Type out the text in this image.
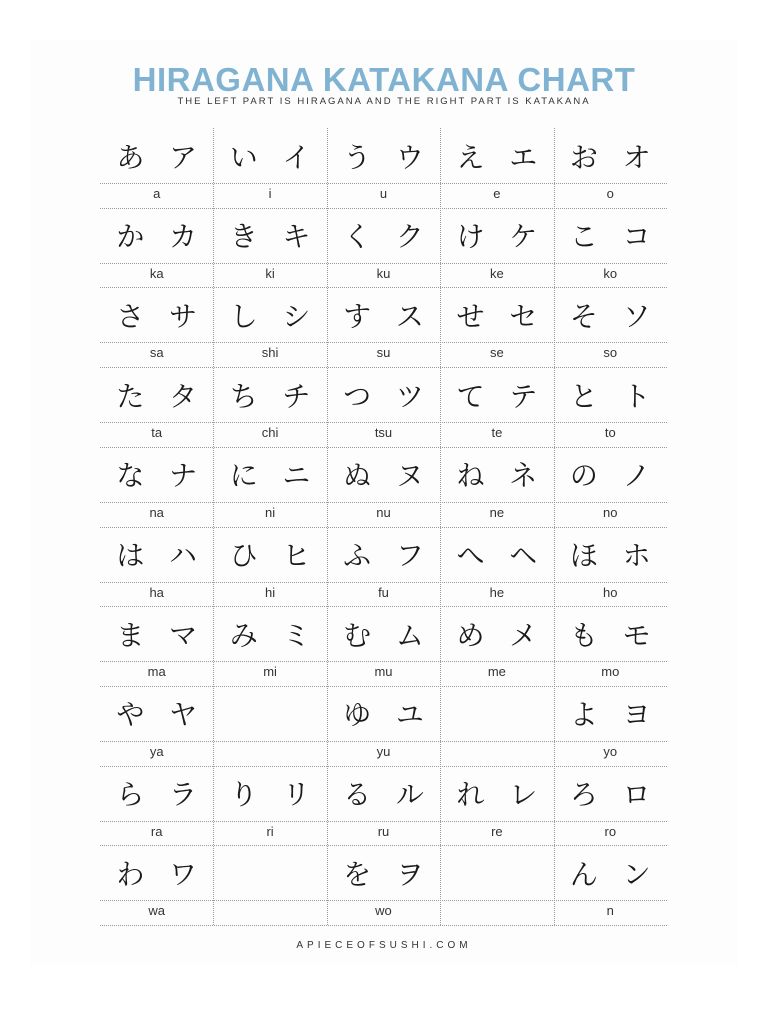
HIRAGANA KATAKANA CHART
THE LEFT PART IS HIRAGANA AND THE RIGHT PART IS KATAKANA
あ ア
a
い イ
i
う ウ
u
え エ
e
お オ
o
か カ
ka
き キ
ki
く ク
ku
け ケ
ke
こ コ
ko
さ サ
sa
し シ
shi
す ス
su
せ セ
se
そ ソ
so
た タ
ta
ち チ
chi
つ ツ
tsu
て テ
te
と ト
to
な ナ
na
に ニ
ni
ぬ ヌ
nu
ね ネ
ne
の ノ
no
は ハ
ha
ひ ヒ
hi
ふ フ
fu
へ ヘ
he
ほ ホ
ho
ま マ
ma
み ミ
mi
む ム
mu
め メ
me
も モ
mo
や ヤ
ya
ゆ ユ
yu
よ ヨ
yo
ら ラ
ra
り リ
ri
る ル
ru
れ レ
re
ろ ロ
ro
わ ワ
wa
を ヲ
wo
ん ン
n
APIECEOFSUSHI.COM
